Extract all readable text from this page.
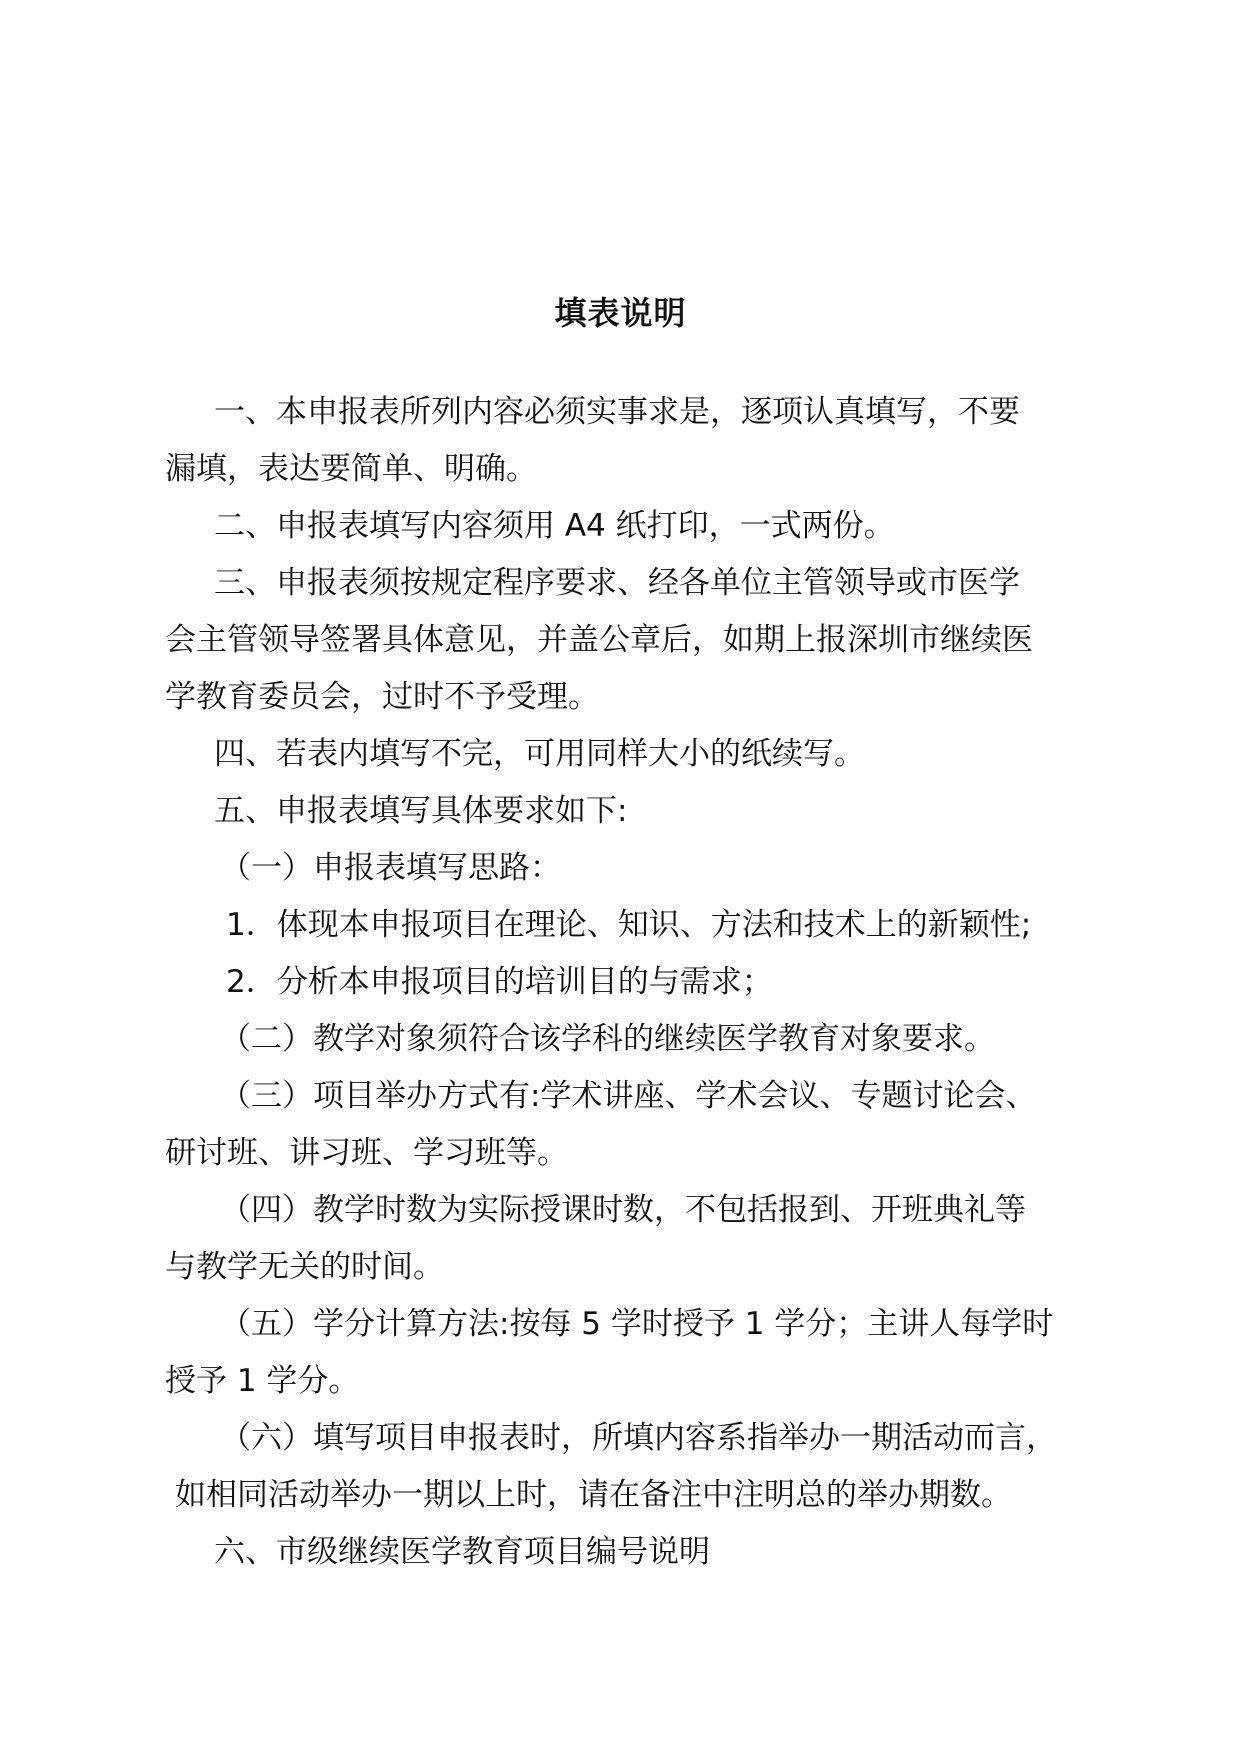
填表说明
一、本申报表所列内容必须实事求是，逐项认真填写，不要
漏填，表达要简单、明确。
二、申报表填写内容须用 A4 纸打印，一式两份。
三、申报表须按规定程序要求、经各单位主管领导或市医学
会主管领导签署具体意见，并盖公章后，如期上报深圳市继续医
学教育委员会，过时不予受理。
四、若表内填写不完，可用同样大小的纸续写。
五、申报表填写具体要求如下:
（一）申报表填写思路：
1．体现本申报项目在理论、知识、方法和技术上的新颖性;
2．分析本申报项目的培训目的与需求；
（二）教学对象须符合该学科的继续医学教育对象要求。
（三）项目举办方式有:学术讲座、学术会议、专题讨论会、
研讨班、讲习班、学习班等。
（四）教学时数为实际授课时数，不包括报到、开班典礼等
与教学无关的时间。
（五）学分计算方法:按每 5 学时授予 1 学分；主讲人每学时
授予 1 学分。
（六）填写项目申报表时，所填内容系指举办一期活动而言，
如相同活动举办一期以上时，请在备注中注明总的举办期数。
六、市级继续医学教育项目编号说明
